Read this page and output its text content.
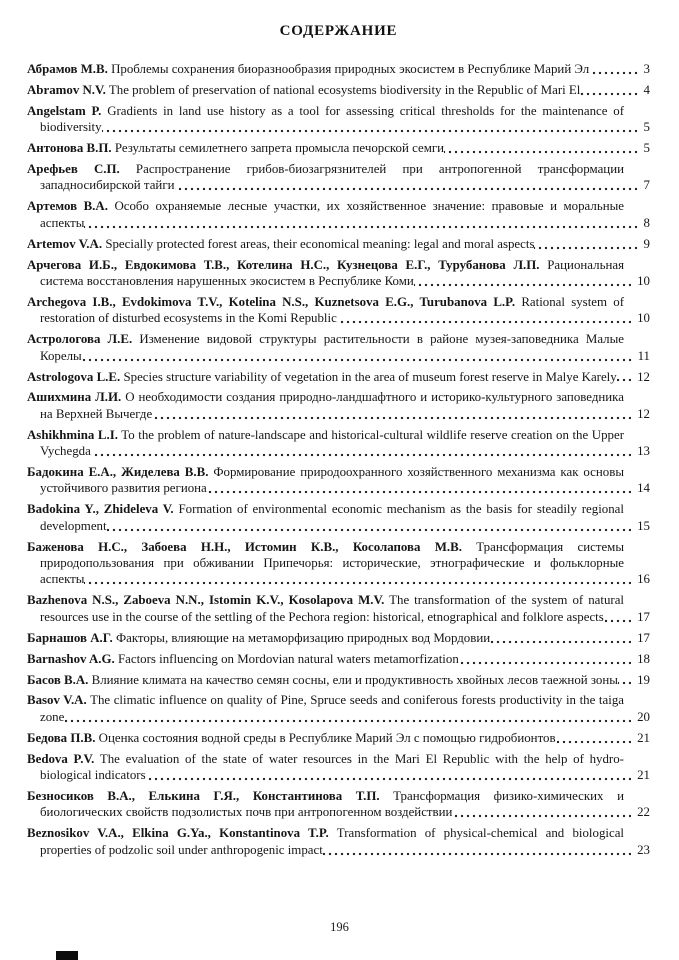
СОДЕРЖАНИЕ

Абрамов М.В. Проблемы сохранения биоразнообразия природных экосистем в Республике Марий Эл	3

Abramov N.V. The problem of preservation of national ecosystems biodiversity in the Republic of Mari El	4

Angelstam P. Gradients in land use history as a tool for assessing critical thresholds for the maintenance of biodiversity	5

Антонова В.П. Результаты семилетнего запрета промысла печорской семги	5

Арефьев С.П. Распространение грибов-биозагрязнителей при антропогенной трансформации западносибирской тайги	7

Артемов В.А. Особо охраняемые лесные участки, их хозяйственное значение: правовые и моральные аспекты	8

Artemov V.A. Specially protected forest areas, their economical meaning: legal and moral aspects	9

Арчегова И.Б., Евдокимова Т.В., Котелина Н.С., Кузнецова Е.Г., Турубанова Л.П. Рациональная система восстановления нарушенных экосистем в Республике Коми	10

Archegova I.B., Evdokimova T.V., Kotelina N.S., Kuznetsova E.G., Turubanova L.P. Rational system of restoration of disturbed ecosystems in the Komi Republic	10

Астрологова Л.Е. Изменение видовой структуры растительности в районе музея-заповедника Малые Корелы	11

Astrologova L.E. Species structure variability of vegetation in the area of museum forest reserve in Malye Karely	12

Ашихмина Л.И. О необходимости создания природно-ландшафтного и историко-культурного заповедника на Верхней Вычегде	12

Ashikhmina L.I. To the problem of nature-landscape and historical-cultural wildlife reserve creation on the Upper Vychegda	13

Бадокина Е.А., Жиделева В.В. Формирование природоохранного хозяйственного механизма как основы устойчивого развития региона	14

Badokina Y., Zhideleva V. Formation of environmental economic mechanism as the basis for steadily regional development	15

Баженова Н.С., Забоева Н.Н., Истомин К.В., Косолапова М.В. Трансформация системы природопользования при обживании Припечорья: исторические, этнографические и фольклорные аспекты	16

Bazhenova N.S., Zaboeva N.N., Istomin K.V., Kosolapova M.V. The transformation of the system of natural resources use in the course of the settling of the Pechora region: historical, etnographical and folklore aspects	17

Барнашов А.Г. Факторы, влияющие на метаморфизацию природных вод Мордовии	17

Barnashov A.G. Factors influencing on Mordovian natural waters metamorfization	18

Басов В.А. Влияние климата на качество семян сосны, ели и продуктивность хвойных лесов таежной зоны	19

Basov V.A. The climatic influence on quality of Pine, Spruce seeds and coniferous forests productivity in the taiga zone	20

Бедова П.В. Оценка состояния водной среды в Республике Марий Эл с помощью гидробионтов	21

Bedova P.V. The evaluation of the state of water resources in the Mari El Republic with the help of hydro-biological indicators	21

Безносиков В.А., Елькина Г.Я., Константинова Т.П. Трансформация физико-химических и биологических свойств подзолистых почв при антропогенном воздействии	22

Beznosikov V.A., Elkina G.Ya., Konstantinova T.P. Transformation of physical-chemical and biological properties of podzolic soil under anthropogenic impact	23

196
